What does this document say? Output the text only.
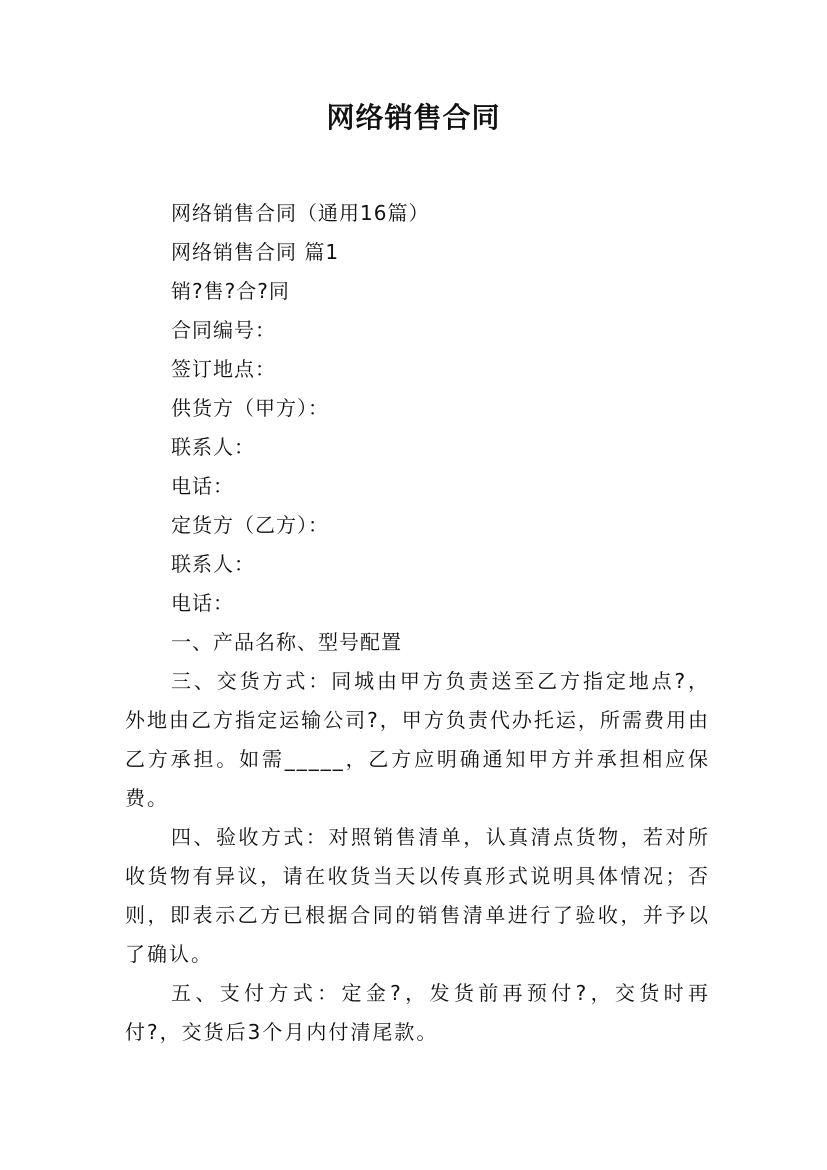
网络销售合同

网络销售合同（通用16篇）

网络销售合同 篇1

销?售?合?同

合同编号：

签订地点：

供货方（甲方）：

联系人：

电话：

定货方（乙方）：

联系人：

电话：

一、产品名称、型号配置

三、交货方式：同城由甲方负责送至乙方指定地点?，外地由乙方指定运输公司?，甲方负责代办托运，所需费用由乙方承担。如需_____，乙方应明确通知甲方并承担相应保费。

四、验收方式：对照销售清单，认真清点货物，若对所收货物有异议，请在收货当天以传真形式说明具体情况；否则，即表示乙方已根据合同的销售清单进行了验收，并予以了确认。

五、支付方式：定金?，发货前再预付?，交货时再付?，交货后3个月内付清尾款。
